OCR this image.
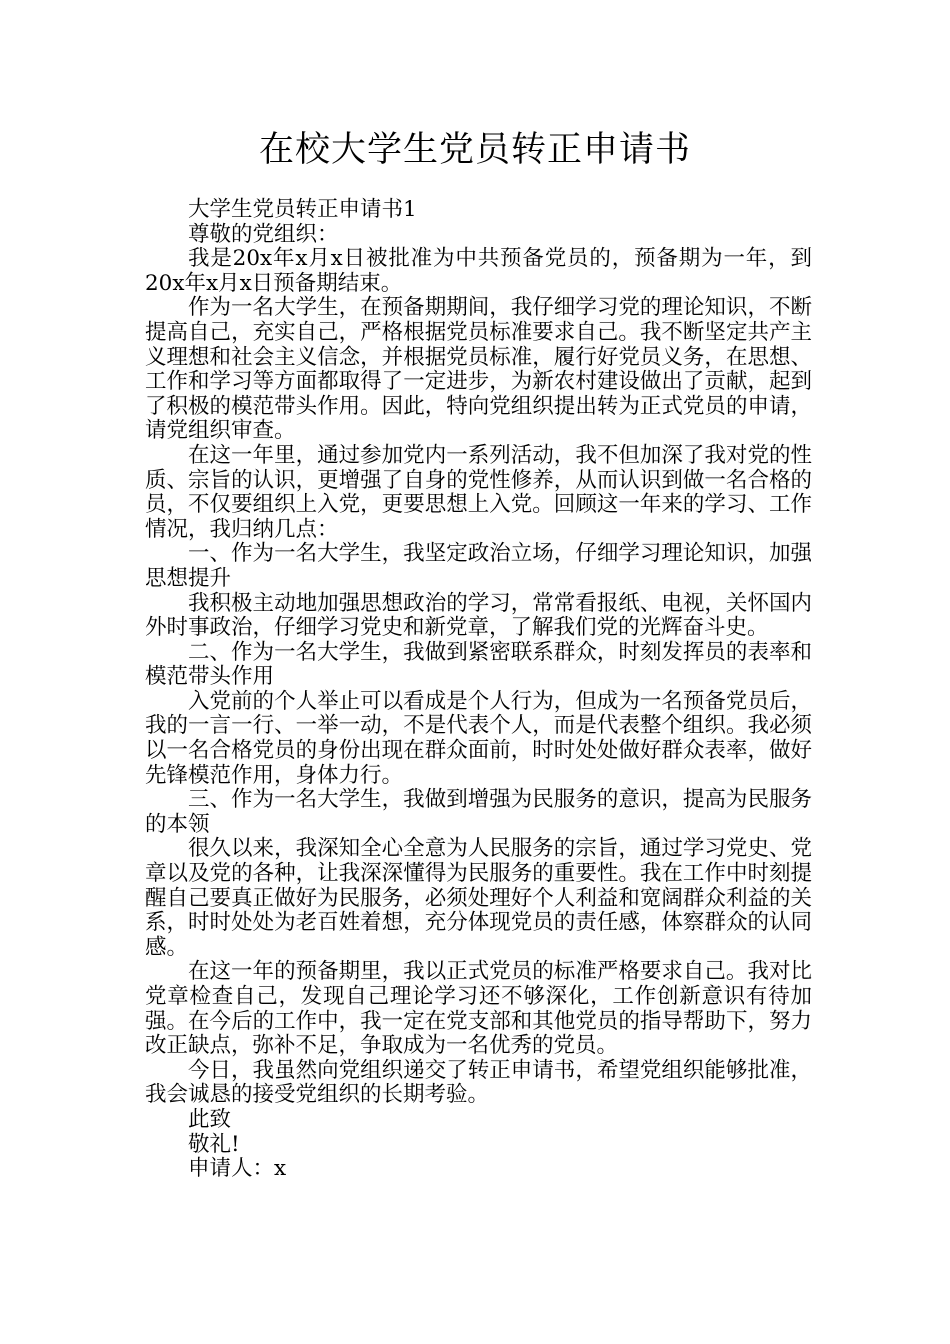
在校大学生党员转正申请书

大学生党员转正申请书1

尊敬的党组织：

我是20x年x月x日被批准为中共预备党员的，预备期为一年，到20x年x月x日预备期结束。

作为一名大学生，在预备期期间，我仔细学习党的理论知识，不断提高自己，充实自己，严格根据党员标准要求自己。我不断坚定共产主义理想和社会主义信念，并根据党员标准，履行好党员义务，在思想、工作和学习等方面都取得了一定进步，为新农村建设做出了贡献，起到了积极的模范带头作用。因此，特向党组织提出转为正式党员的申请，请党组织审查。

在这一年里，通过参加党内一系列活动，我不但加深了我对党的性质、宗旨的认识，更增强了自身的党性修养，从而认识到做一名合格的员，不仅要组织上入党，更要思想上入党。回顾这一年来的学习、工作情况，我归纳几点：

一、作为一名大学生，我坚定政治立场，仔细学习理论知识，加强思想提升

我积极主动地加强思想政治的学习，常常看报纸、电视，关怀国内外时事政治，仔细学习党史和新党章，了解我们党的光辉奋斗史。

二、作为一名大学生，我做到紧密联系群众，时刻发挥员的表率和模范带头作用

入党前的个人举止可以看成是个人行为，但成为一名预备党员后，我的一言一行、一举一动，不是代表个人，而是代表整个组织。我必须以一名合格党员的身份出现在群众面前，时时处处做好群众表率，做好先锋模范作用，身体力行。

三、作为一名大学生，我做到增强为民服务的意识，提高为民服务的本领

很久以来，我深知全心全意为人民服务的宗旨，通过学习党史、党章以及党的各种，让我深深懂得为民服务的重要性。我在工作中时刻提醒自己要真正做好为民服务，必须处理好个人利益和宽阔群众利益的关系，时时处处为老百姓着想，充分体现党员的责任感，体察群众的认同感。

在这一年的预备期里，我以正式党员的标准严格要求自己。我对比党章检查自己，发现自己理论学习还不够深化，工作创新意识有待加强。在今后的工作中，我一定在党支部和其他党员的指导帮助下，努力改正缺点，弥补不足，争取成为一名优秀的党员。

今日，我虽然向党组织递交了转正申请书，希望党组织能够批准，我会诚恳的接受党组织的长期考验。

此致

敬礼!

申请人：x
